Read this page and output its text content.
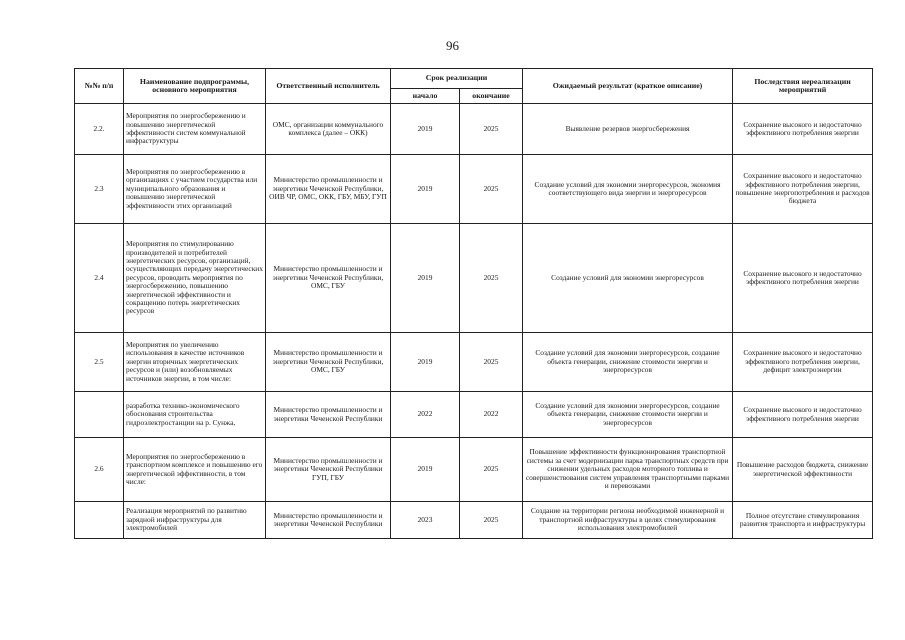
96
№№ п/п	Наименование подпрограммы, основного мероприятия	Ответственный исполнитель	Срок реализации		Ожидаемый результат (краткое описание)	Последствия нереализации мероприятий
			начало	окончание		
2.2.	Мероприятия по энергосбережению и повышению энергетической эффективности систем коммунальной инфраструктуры	ОМС, организации коммунального комплекса (далее – ОКК)	2019	2025	Выявление резервов энергосбережения	Сохранение высокого и недостаточно эффективного потребления энергии
2.3	Мероприятия по энергосбережению в организациях с участием государства или муниципального образования и повышению энергетической эффективности этих организаций	Министерство промышленности и энергетики Чеченской Республики, ОИВ ЧР, ОМС, ОКК, ГБУ, МБУ, ГУП	2019	2025	Создание условий для экономии энергоресурсов, экономия соответствующего вида энергии и энергоресурсов	Сохранение высокого и недостаточно эффективного потребления энергии, повышение энергопотребления и расходов бюджета
2.4	Мероприятия по стимулированию производителей и потребителей энергетических ресурсов, организаций, осуществляющих передачу энергетических ресурсов, проводить мероприятия по энергосбережению, повышению энергетической эффективности и сокращению потерь энергетических ресурсов	Министерство промышленности и энергетики Чеченской Республики, ОМС, ГБУ	2019	2025	Создание условий для экономии энергоресурсов	Сохранение высокого и недостаточно эффективного потребления энергии
2.5	Мероприятия по увеличению использования в качестве источников энергии вторичных энергетических ресурсов и (или) возобновляемых источников энергии, в том числе:	Министерство промышленности и энергетики Чеченской Республики, ОМС, ГБУ	2019	2025	Создание условий для экономии энергоресурсов, создание объекта генерации, снижение стоимости энергии и энергоресурсов	Сохранение высокого и недостаточно эффективного потребления энергии, дефицит электроэнергии
	разработка технико-экономического обоснования строительства гидроэлектростанции на р. Сунжа,	Министерство промышленности и энергетики Чеченской Республики	2022	2022	Создание условий для экономии энергоресурсов, создание объекта генерации, снижение стоимости энергии и энергоресурсов	Сохранение высокого и недостаточно эффективного потребления энергии
2.6	Мероприятия по энергосбережению в транспортном комплексе и повышению его энергетической эффективности, в том числе:	Министерство промышленности и энергетики Чеченской Республики ГУП, ГБУ	2019	2025	Повышение эффективности функционирования транспортной системы за счет модернизации парка транспортных средств при снижении удельных расходов моторного топлива и совершенствования систем управления транспортными парками и перевозками	Повышение расходов бюджета, снижение энергетической эффективности
	Реализация мероприятий по развитию зарядной инфраструктуры для электромобилей	Министерство промышленности и энергетики Чеченской Республики	2023	2025	Создание на территории региона необходимой инженерной и транспортной инфраструктуры в целях стимулирования использования электромобилей	Полное отсутствие стимулирования развития транспорта и инфраструктуры
